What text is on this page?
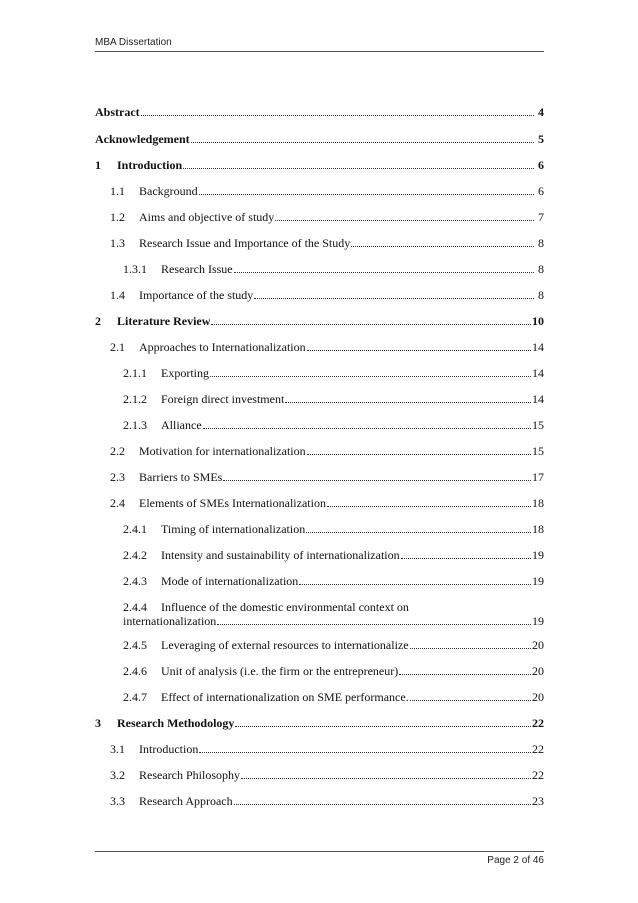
MBA Dissertation
Abstract	4
Acknowledgement	5
1	Introduction	6
1.1	Background	6
1.2	Aims and objective of study	7
1.3	Research Issue and Importance of the Study	8
1.3.1	Research Issue	8
1.4	Importance of the study	8
2	Literature Review	10
2.1	Approaches to Internationalization	14
2.1.1	Exporting	14
2.1.2	Foreign direct investment	14
2.1.3	Alliance	15
2.2	Motivation for internationalization	15
2.3	Barriers to SMEs	17
2.4	Elements of SMEs Internationalization	18
2.4.1	Timing of internationalization	18
2.4.2	Intensity and sustainability of internationalization	19
2.4.3	Mode of internationalization	19
2.4.4	Influence of the domestic environmental context on
internationalization	19
2.4.5	Leveraging of external resources to internationalize	20
2.4.6	Unit of analysis (i.e. the firm or the entrepreneur)	20
2.4.7	Effect of internationalization on SME performance.	20
3	Research Methodology	22
3.1	Introduction	22
3.2	Research Philosophy	22
3.3	Research Approach	23
Page 2 of 46
